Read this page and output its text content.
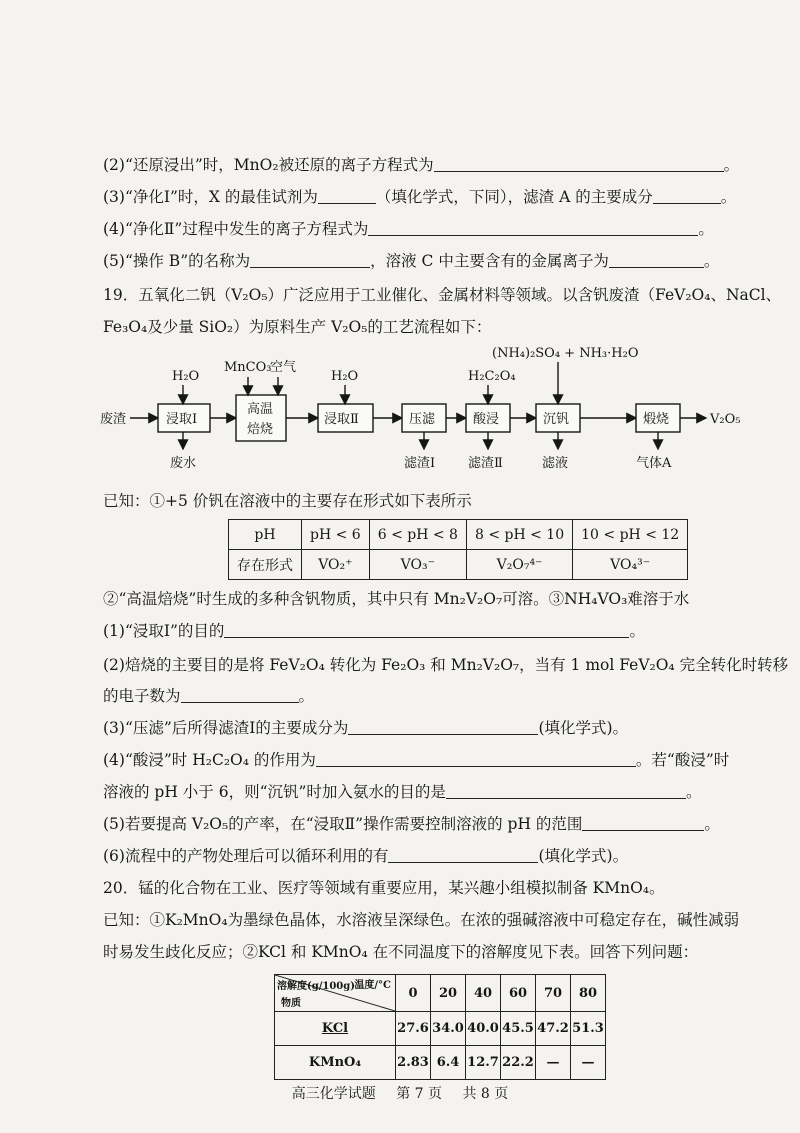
(2)“还原浸出”时，MnO₂被还原的离子方程式为	。
(3)“净化Ⅰ”时，X 的最佳试剂为	（填化学式，下同），滤渣 A 的主要成分	。
(4)“净化Ⅱ”过程中发生的离子方程式为	。
(5)“操作 B”的名称为	，溶液 C 中主要含有的金属离子为	。
19．五氧化二钒（V₂O₅）广泛应用于工业催化、金属材料等领域。以含钒废渣（FeV₂O₄、NaCl、
Fe₃O₄及少量 SiO₂）为原料生产 V₂O₅的工艺流程如下：
废渣	浸取Ⅰ
H₂O
废水
高温
焙烧
MnCO₃
空气
浸取Ⅱ
H₂O
压滤
滤渣Ⅰ
酸浸
H₂C₂O₄
滤渣Ⅱ
沉钒
(NH₄)₂SO₄ + NH₃·H₂O
滤液
煅烧
气体A
V₂O₅
已知：①+5 价钒在溶液中的主要存在形式如下表所示
pH	pH < 6	6 < pH < 8	8 < pH < 10	10 < pH < 12
存在形式	VO₂⁺	VO₃⁻	V₂O₇⁴⁻	VO₄³⁻
②“高温焙烧”时生成的多种含钒物质，其中只有 Mn₂V₂O₇可溶。③NH₄VO₃难溶于水
(1)“浸取Ⅰ”的目的	。
(2)焙烧的主要目的是将 FeV₂O₄ 转化为 Fe₂O₃ 和 Mn₂V₂O₇，当有 1 mol FeV₂O₄ 完全转化时转移
的电子数为	。
(3)“压滤”后所得滤渣Ⅰ的主要成分为	(填化学式)。
(4)“酸浸”时 H₂C₂O₄ 的作用为	。若“酸浸”时
溶液的 pH 小于 6，则“沉钒”时加入氨水的目的是	。
(5)若要提高 V₂O₅的产率，在“浸取Ⅱ”操作需要控制溶液的 pH 的范围	。
(6)流程中的产物处理后可以循环利用的有	(填化学式)。
20．锰的化合物在工业、医疗等领域有重要应用，某兴趣小组模拟制备 KMnO₄。
已知：①K₂MnO₄为墨绿色晶体，水溶液呈深绿色。在浓的强碱溶液中可稳定存在，碱性减弱
时易发生歧化反应；②KCl 和 KMnO₄ 在不同温度下的溶解度见下表。回答下列问题：
溶解度(g/100g) 温度/°C
物质	0	20	40	60	70	80
KCl	27.6	34.0	40.0	45.5	47.2	51.3
KMnO₄	2.83	6.4	12.7	22.2	—	—
高三化学试题 第 7 页 共 8 页
